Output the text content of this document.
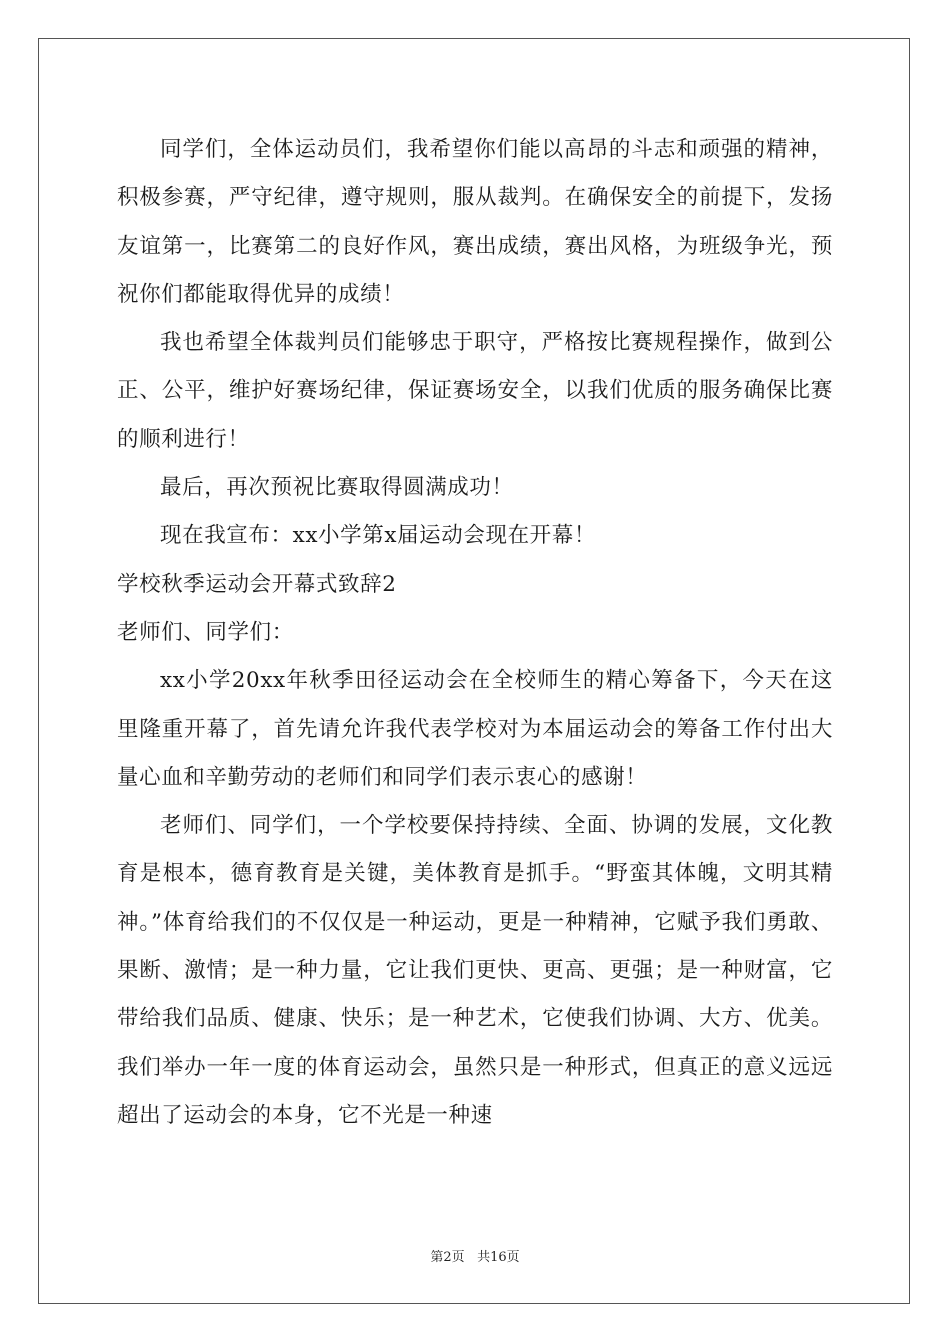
同学们，全体运动员们，我希望你们能以高昂的斗志和顽强的精神，积极参赛，严守纪律，遵守规则，服从裁判。在确保安全的前提下，发扬友谊第一，比赛第二的良好作风，赛出成绩，赛出风格，为班级争光，预祝你们都能取得优异的成绩！

我也希望全体裁判员们能够忠于职守，严格按比赛规程操作，做到公正、公平，维护好赛场纪律，保证赛场安全，以我们优质的服务确保比赛的顺利进行！

最后，再次预祝比赛取得圆满成功！

现在我宣布：xx小学第x届运动会现在开幕！

学校秋季运动会开幕式致辞2

老师们、同学们：

xx小学20xx年秋季田径运动会在全校师生的精心筹备下，今天在这里隆重开幕了，首先请允许我代表学校对为本届运动会的筹备工作付出大量心血和辛勤劳动的老师们和同学们表示衷心的感谢！

老师们、同学们，一个学校要保持持续、全面、协调的发展，文化教育是根本，德育教育是关键，美体教育是抓手。“野蛮其体魄，文明其精神。”体育给我们的不仅仅是一种运动，更是一种精神，它赋予我们勇敢、果断、激情；是一种力量，它让我们更快、更高、更强；是一种财富，它带给我们品质、健康、快乐；是一种艺术，它使我们协调、大方、优美。我们举办一年一度的体育运动会，虽然只是一种形式，但真正的意义远远超出了运动会的本身，它不光是一种速

第2页 共16页
